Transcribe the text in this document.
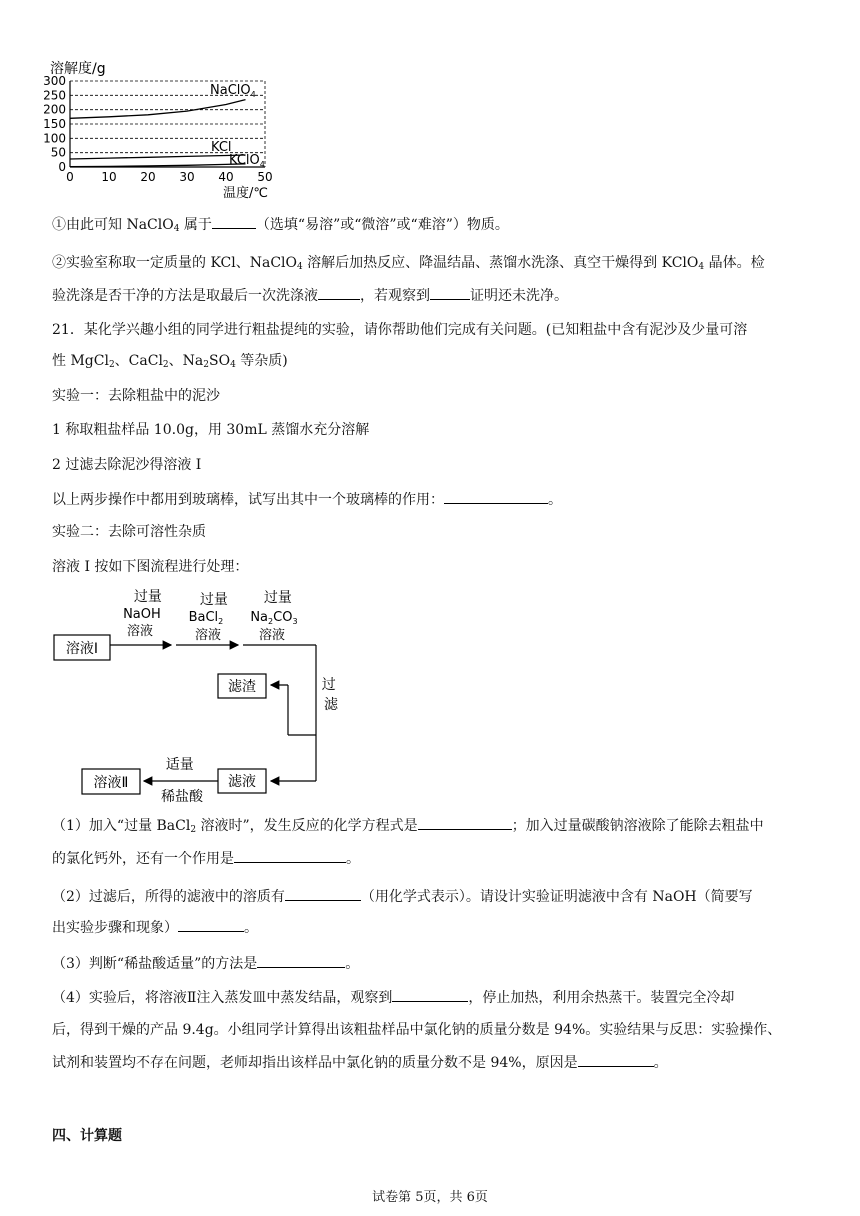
溶解度/g
300
250
200
150
100
50
0
0 10 20 30 40 50
NaClO$_4$
KCl
KClO$_4$
温度/℃
①由此可知 NaClO$_4$ 属于	（选填“易溶”或“微溶”或“难溶”）物质。
②实验室称取一定质量的 KCl、NaClO$_4$ 溶解后加热反应、降温结晶、蒸馏水洗涤、真空干燥得到 KClO$_4$ 晶体。检
验洗涤是否干净的方法是取最后一次洗涤液	，若观察到	证明还未洗净。
21．某化学兴趣小组的同学进行粗盐提纯的实验，请你帮助他们完成有关问题。(已知粗盐中含有泥沙及少量可溶
性 MgCl$_2$、CaCl$_2$、$Na_2SO_4$ 等杂质)
实验一：去除粗盐中的泥沙
1 称取粗盐样品 10.0g，用 30mL 蒸馏水充分溶解
2 过滤去除泥沙得溶液 I
以上两步操作中都用到玻璃棒，试写出其中一个玻璃棒的作用：	。
实验二：去除可溶性杂质
溶液 I 按如下图流程进行处理：
溶液Ⅰ
过量 NaOH 溶液
过量 BaCl$_2$ 溶液
过量 $Na_2CO_3$ 溶液
过 滤
滤渣
滤液
溶液Ⅱ
适量 稀盐酸
（1）加入“过量 BaCl$_2$ 溶液时”，发生反应的化学方程式是	；加入过量碳酸钠溶液除了能除去粗盐中
的氯化钙外，还有一个作用是	。
（2）过滤后，所得的滤液中的溶质有	（用化学式表示）。请设计实验证明滤液中含有 NaOH（简要写
出实验步骤和现象）	。
（3）判断“稀盐酸适量”的方法是	。
（4）实验后，将溶液Ⅱ注入蒸发皿中蒸发结晶，观察到	，停止加热，利用余热蒸干。装置完全冷却
后，得到干燥的产品 9.4g。小组同学计算得出该粗盐样品中氯化钠的质量分数是 94%。实验结果与反思：实验操作、
试剂和装置均不存在问题，老师却指出该样品中氯化钠的质量分数不是 94%，原因是	。
四、计算题
试卷第 5页，共 6页
